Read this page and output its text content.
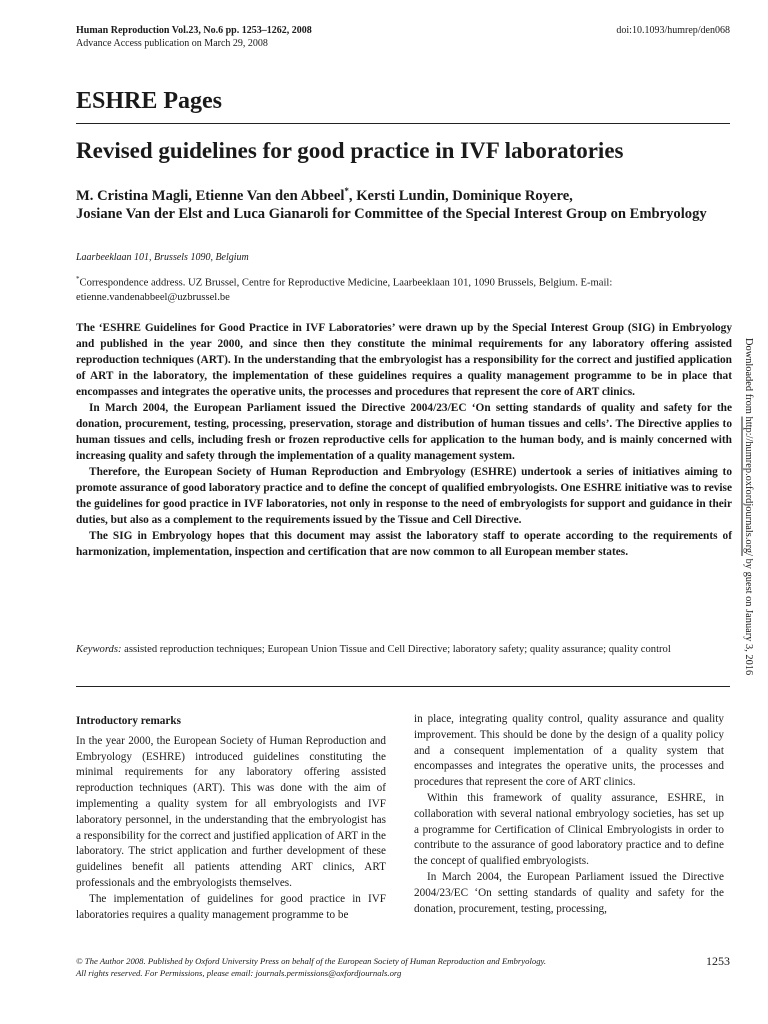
Human Reproduction Vol.23, No.6 pp. 1253–1262, 2008
Advance Access publication on March 29, 2008
doi:10.1093/humrep/den068
ESHRE Pages
Revised guidelines for good practice in IVF laboratories
M. Cristina Magli, Etienne Van den Abbeel*, Kersti Lundin, Dominique Royere,
Josiane Van der Elst and Luca Gianaroli for Committee of the Special Interest Group on Embryology
Laarbeeklaan 101, Brussels 1090, Belgium
*Correspondence address. UZ Brussel, Centre for Reproductive Medicine, Laarbeeklaan 101, 1090 Brussels, Belgium. E-mail: etienne.vandenabbeel@uzbrussel.be

The ‘ESHRE Guidelines for Good Practice in IVF Laboratories’ were drawn up by the Special Interest Group (SIG) in Embryology and published in the year 2000, and since then they constitute the minimal requirements for any laboratory offering assisted reproduction techniques (ART). In the understanding that the embryologist has a responsibility for the correct and justified application of ART in the laboratory, the implementation of these guidelines requires a quality management programme to be in place that encompasses and integrates the operative units, the processes and procedures that represent the core of ART clinics.

In March 2004, the European Parliament issued the Directive 2004/23/EC ‘On setting standards of quality and safety for the donation, procurement, testing, processing, preservation, storage and distribution of human tissues and cells’. The Directive applies to human tissues and cells, including fresh or frozen reproductive cells for application to the human body, and is mainly concerned with increasing quality and safety through the implementation of a quality management system.

Therefore, the European Society of Human Reproduction and Embryology (ESHRE) undertook a series of initiatives aiming to promote assurance of good laboratory practice and to define the concept of qualified embryologists. One ESHRE initiative was to revise the guidelines for good practice in IVF laboratories, not only in response to the need of embryologists for support and guidance in their duties, but also as a complement to the requirements issued by the Tissue and Cell Directive.

The SIG in Embryology hopes that this document may assist the laboratory staff to operate according to the requirements of harmonization, implementation, inspection and certification that are now common to all European member states.

Keywords: assisted reproduction techniques; European Union Tissue and Cell Directive; laboratory safety; quality assurance; quality control
Introductory remarks

In the year 2000, the European Society of Human Reproduction and Embryology (ESHRE) introduced guidelines constituting the minimal requirements for any laboratory offering assisted reproduction techniques (ART). This was done with the aim of implementing a quality system for all embryologists and IVF laboratory personnel, in the understanding that the embryologist has a responsibility for the correct and justified application of ART in the laboratory. The strict application and further development of these guidelines benefit all patients attending ART clinics, ART professionals and the embryologists themselves.

The implementation of guidelines for good practice in IVF laboratories requires a quality management programme to be

in place, integrating quality control, quality assurance and quality improvement. This should be done by the design of a quality policy and a consequent implementation of a quality system that encompasses and integrates the operative units, the processes and procedures that represent the core of ART clinics.

Within this framework of quality assurance, ESHRE, in collaboration with several national embryology societies, has set up a programme for Certification of Clinical Embryologists in order to contribute to the assurance of good laboratory practice and to define the concept of qualified embryologists.

In March 2004, the European Parliament issued the Directive 2004/23/EC ‘On setting standards of quality and safety for the donation, procurement, testing, processing,

© The Author 2008. Published by Oxford University Press on behalf of the European Society of Human Reproduction and Embryology.
All rights reserved. For Permissions, please email: journals.permissions@oxfordjournals.org
1253
Downloaded from http://humrep.oxfordjournals.org/ by guest on January 3, 2016
